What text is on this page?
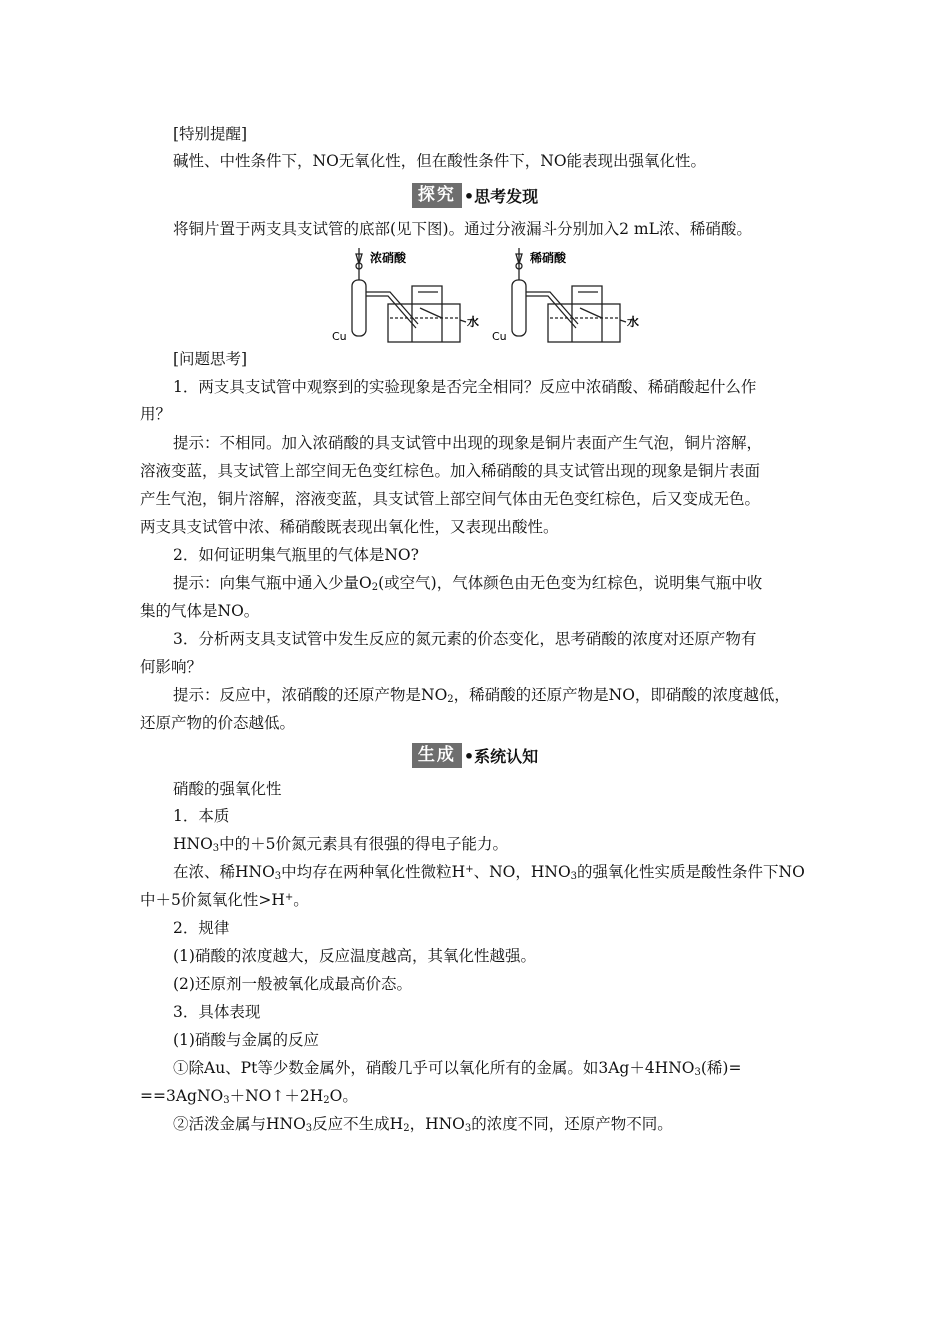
[特别提醒]
碱性、中性条件下，NO无氧化性，但在酸性条件下，NO能表现出强氧化性。
探究 •思考发现
将铜片置于两支具支试管的底部(见下图)。通过分液漏斗分别加入2 mL浓、稀硝酸。
浓硝酸	稀硝酸
水	水
Cu	Cu
[问题思考]
1．两支具支试管中观察到的实验现象是否完全相同？反应中浓硝酸、稀硝酸起什么作
用？
提示：不相同。加入浓硝酸的具支试管中出现的现象是铜片表面产生气泡，铜片溶解，
溶液变蓝，具支试管上部空间无色变红棕色。加入稀硝酸的具支试管出现的现象是铜片表面
产生气泡，铜片溶解，溶液变蓝，具支试管上部空间气体由无色变红棕色，后又变成无色。
两支具支试管中浓、稀硝酸既表现出氧化性，又表现出酸性。
2．如何证明集气瓶里的气体是NO?
提示：向集气瓶中通入少量$O_2$(或空气)，气体颜色由无色变为红棕色，说明集气瓶中收
集的气体是NO。
3．分析两支具支试管中发生反应的氮元素的价态变化，思考硝酸的浓度对还原产物有
何影响？
提示：反应中，浓硝酸的还原产物是$NO_2$，稀硝酸的还原产物是NO，即硝酸的浓度越低，
还原产物的价态越低。
生成 •系统认知
硝酸的强氧化性
1．本质
$HNO_3$中的＋5价氮元素具有很强的得电子能力。
在浓、稀$HNO_3$中均存在两种氧化性微粒H+、NO，$HNO_3$的强氧化性实质是酸性条件下NO
中＋5价氮氧化性>H+。
2．规律
(1)硝酸的浓度越大，反应温度越高，其氧化性越强。
(2)还原剂一般被氧化成最高价态。
3．具体表现
(1)硝酸与金属的反应
①除Au、Pt等少数金属外，硝酸几乎可以氧化所有的金属。如$3Ag+4HNO_3$(稀)=
$==3AgNO_3+NO↑+2H_2O$。
②活泼金属与$HNO_3$反应不生成$H_2$，$HNO_3$的浓度不同，还原产物不同。
